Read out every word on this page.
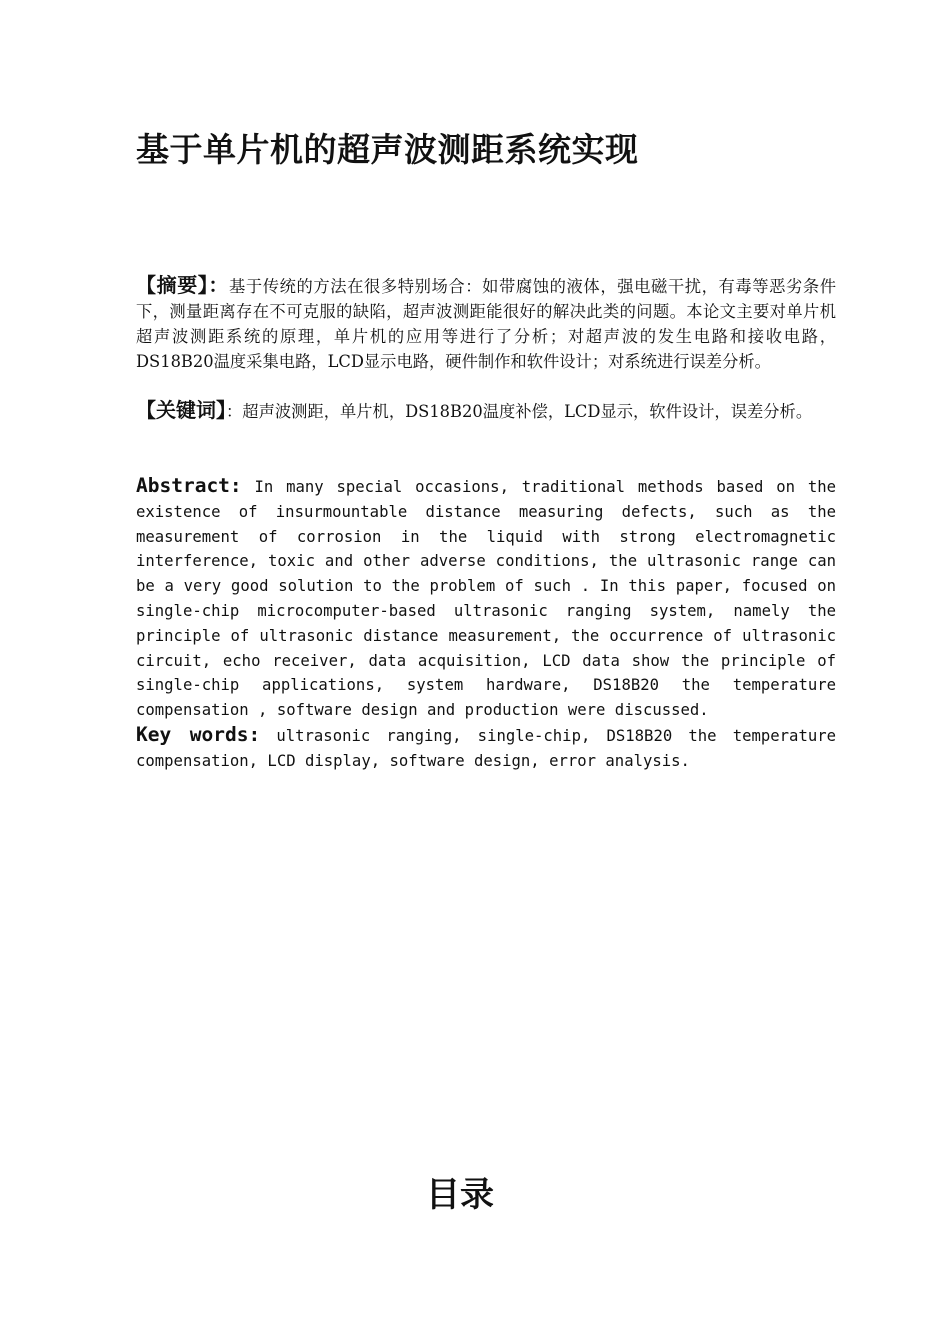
基于单片机的超声波测距系统实现
【摘要】：基于传统的方法在很多特别场合：如带腐蚀的液体，强电磁干扰，有毒等恶劣条件下，测量距离存在不可克服的缺陷，超声波测距能很好的解决此类的问题。本论文主要对单片机超声波测距系统的原理，单片机的应用等进行了分析；对超声波的发生电路和接收电路，DS18B20温度采集电路，LCD显示电路，硬件制作和软件设计；对系统进行误差分析。
【关键词】：超声波测距，单片机，DS18B20温度补偿，LCD显示，软件设计，误差分析。
Abstract: In many special occasions, traditional methods based on the existence of insurmountable distance measuring defects, such as the measurement of corrosion in the liquid with strong electromagnetic interference, toxic and other adverse conditions, the ultrasonic range can be a very good solution to the problem of such . In this paper, focused on single-chip microcomputer-based ultrasonic ranging system, namely the principle of ultrasonic distance measurement, the occurrence of ultrasonic circuit, echo receiver, data acquisition, LCD data show the principle of single-chip applications, system hardware, DS18B20 the temperature compensation , software design and production were discussed.
Key words: ultrasonic ranging, single-chip, DS18B20 the temperature compensation, LCD display, software design, error analysis.
目录
